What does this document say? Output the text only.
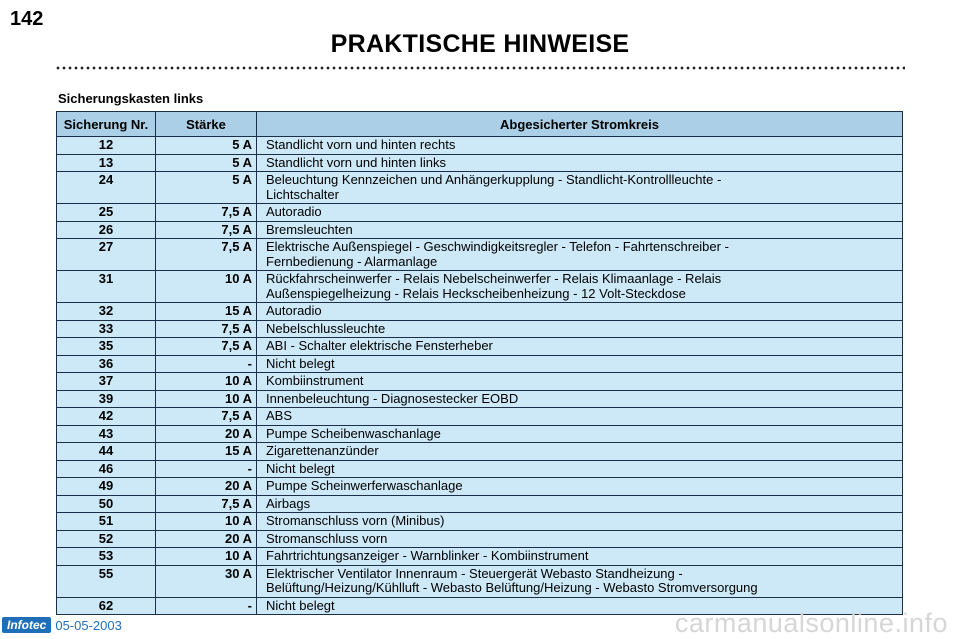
142
PRAKTISCHE HINWEISE
Sicherungskasten links
Sicherung Nr.	Stärke	Abgesicherter Stromkreis
12	5 A	Standlicht vorn und hinten rechts
13	5 A	Standlicht vorn und hinten links
24	5 A	Beleuchtung Kennzeichen und Anhängerkupplung - Standlicht-Kontrollleuchte -
Lichtschalter
25	7,5 A	Autoradio
26	7,5 A	Bremsleuchten
27	7,5 A	Elektrische Außenspiegel - Geschwindigkeitsregler - Telefon - Fahrtenschreiber -
Fernbedienung - Alarmanlage
31	10 A	Rückfahrscheinwerfer - Relais Nebelscheinwerfer - Relais Klimaanlage - Relais
Außenspiegelheizung - Relais Heckscheibenheizung - 12 Volt-Steckdose
32	15 A	Autoradio
33	7,5 A	Nebelschlussleuchte
35	7,5 A	ABI - Schalter elektrische Fensterheber
36	-	Nicht belegt
37	10 A	Kombiinstrument
39	10 A	Innenbeleuchtung - Diagnosestecker EOBD
42	7,5 A	ABS
43	20 A	Pumpe Scheibenwaschanlage
44	15 A	Zigarettenanzünder
46	-	Nicht belegt
49	20 A	Pumpe Scheinwerferwaschanlage
50	7,5 A	Airbags
51	10 A	Stromanschluss vorn (Minibus)
52	20 A	Stromanschluss vorn
53	10 A	Fahrtrichtungsanzeiger - Warnblinker - Kombiinstrument
55	30 A	Elektrischer Ventilator Innenraum - Steuergerät Webasto Standheizung -
Belüftung/Heizung/Kühlluft - Webasto Belüftung/Heizung - Webasto Stromversorgung
62	-	Nicht belegt
Infotec 05-05-2003	carmanualsonline.info
